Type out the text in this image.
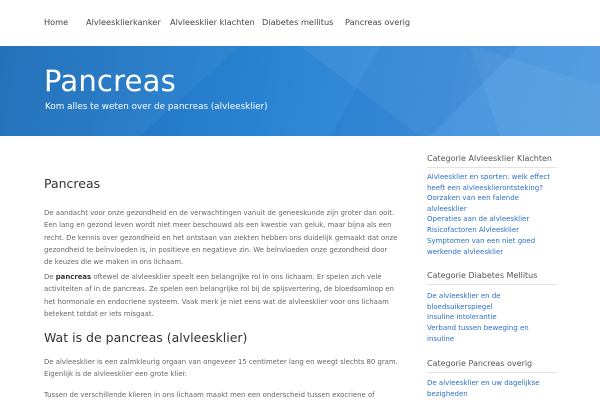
Home Alvleesklierkanker Alvleesklier klachten Diabetes mellitus Pancreas overig
Pancreas
Kom alles te weten over de pancreas (alvleesklier)
Pancreas

De aandacht voor onze gezondheid en de verwachtingen vanuit de geneeskunde zijn groter dan ooit. Een lang en gezond leven wordt niet meer beschouwd als een kwestie van geluk, maar bijna als een recht. De kennis over gezondheid en het ontstaan van ziekten hebben ons duidelijk gemaakt dat onze gezondheid te beïnvloeden is, in positieve en negatieve zin. We beïnvloeden onze gezondheid door de keuzes die we maken in ons lichaam.

De pancreas oftewel de alvleesklier speelt een belangrijke rol in ons lichaam. Er spelen zich vele activiteiten af in de pancreas. Ze spelen een belangrijke rol bij de spijsvertering, de bloedsomloop en het hormonale en endocriene systeem. Vaak merk je niet eens wat de alvleesklier voor ons lichaam betekent totdat er iets misgaat.

Wat is de pancreas (alvleesklier)

De alvleesklier is een zalmkleurig orgaan van ongeveer 15 centimeter lang en weegt slechts 80 gram. Eigenlijk is de alvleesklier een grote klier.

Tussen de verschillende klieren in ons lichaam maakt men een onderscheid tussen exocriene of

Categorie Alvleesklier Klachten
Alvleesklier en sporten: welk effect heeft een alvleesklierontsteking?
Oorzaken van een falende alvleesklier
Operaties aan de alvleesklier
Risicofactoren Alvleesklier
Symptomen van een niet goed werkende alvleesklier
Categorie Diabetes Mellitus
De alvleesklier en de bloedsuikerspiegel
Insuline intolerantie
Verband tussen beweging en insuline
Categorie Pancreas overig
De alvleesklier en uw dagelijkse bezigheden
